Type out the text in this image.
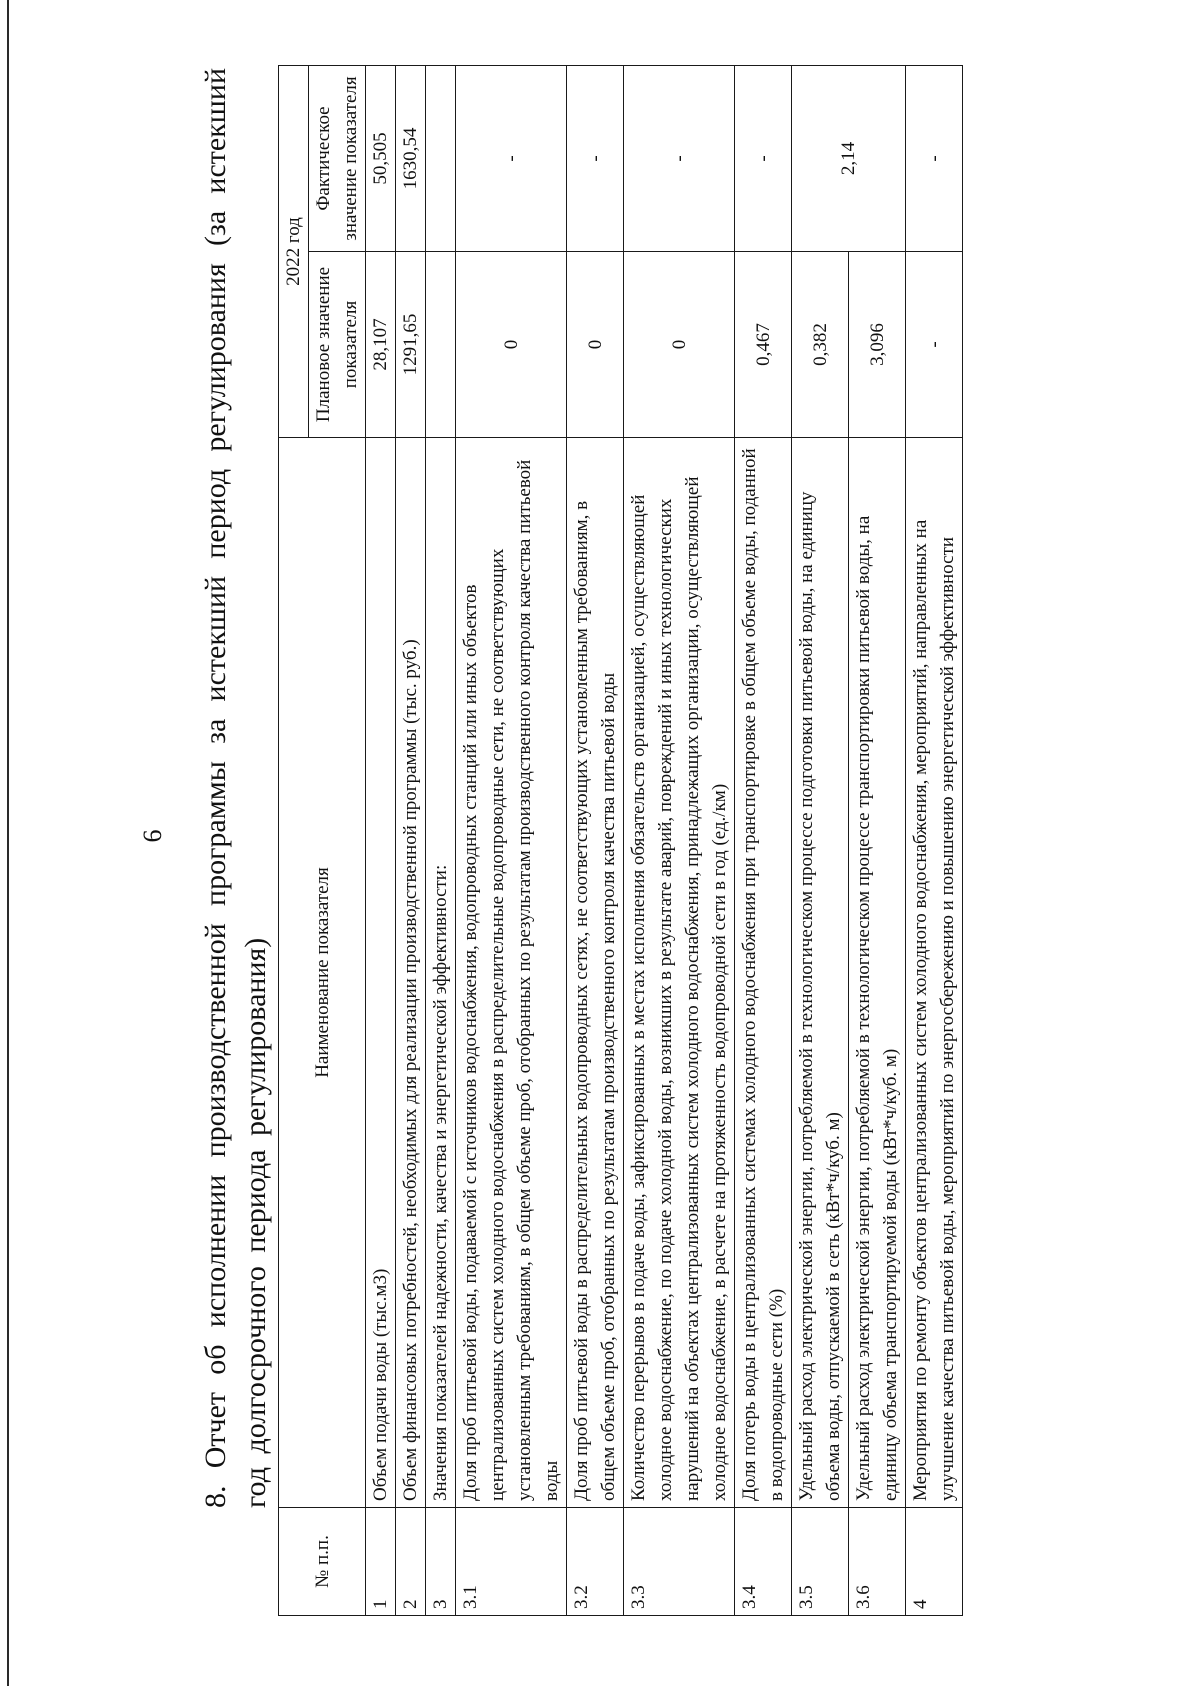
6 8. Отчет об исполнении производственной программы за истекший период регулирования (за истекший год долгосрочного периода регулирования)
№ п.п.	Наименование показателя	2022 год	
		Плановое значение показателя	Фактическое значение показателя

1	Объем подачи воды (тыс.м3)	28,107	50,505
2	Объем финансовых потребностей, необходимых для реализации производственной программы (тыс. руб.)	1291,65	1630,54
3	Значения показателей надежности, качества и энергетической эффективности:		
3.1	Доля проб питьевой воды, подаваемой с источников водоснабжения, водопроводных станций или иных объектов централизованных систем холодного водоснабжения в распределительные водопроводные сети, не соответствующих установленным требованиям, в общем объеме проб, отобранных по результатам производственного контроля качества питьевой воды	0	-
3.2	Доля проб питьевой воды в распределительных водопроводных сетях, не соответствующих установленным требованиям, в общем объеме проб, отобранных по результатам производственного контроля качества питьевой воды	0	-
3.3	Количество перерывов в подаче воды, зафиксированных в местах исполнения обязательств организацией, осуществляющей холодное водоснабжение, по подаче холодной воды, возникших в результате аварий, повреждений и иных технологических нарушений на объектах централизованных систем холодного водоснабжения, принадлежащих организации, осуществляющей холодное водоснабжение, в расчете на протяженность водопроводной сети в год (ед./км)	0	-
3.4	Доля потерь воды в централизованных системах холодного водоснабжения при транспортировке в общем объеме воды, поданной в водопроводные сети (%)	0,467	-
3.5	Удельный расход электрической энергии, потребляемой в технологическом процессе подготовки питьевой воды, на единицу объема воды, отпускаемой в сеть (кВт*ч/куб. м)	0,382	2,14
3.6	Удельный расход электрической энергии, потребляемой в технологическом процессе транспортировки питьевой воды, на единицу объема транспортируемой воды (кВт*ч/куб. м)	3,096	
4	Мероприятия по ремонту объектов централизованных систем холодного водоснабжения, мероприятий, направленных на улучшение качества питьевой воды, мероприятий по энергосбережению и повышению энергетической эффективности	-	-
